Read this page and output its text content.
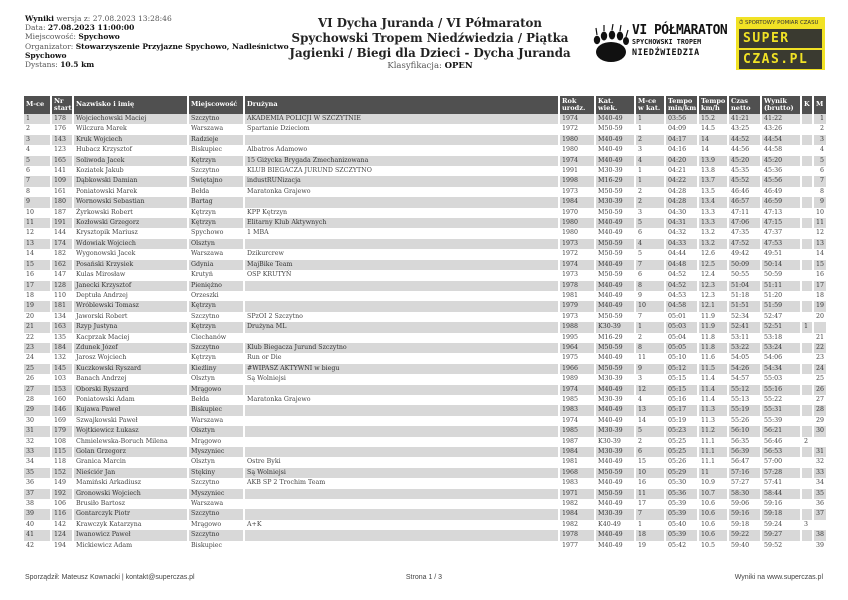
Wyniki wersja z: 27.08.2023 13:28:46
Data: 27.08.2023 11:00:00
Miejscowość: Spychowo
Organizator: Stowarzyszenie Przyjazne Spychowo, Nadleśnictwo Spychowo
Dystans: 10.5 km
VI Dycha Juranda / VI Półmaraton Spychowski Tropem Niedźwiedzia / Piątka Jagienki / Biegi dla Dzieci - Dycha Juranda
Klasyfikacja: OPEN
VI PÓŁMARATON
SPYCHOWSKI TROPEM
NIEDŹWIEDZIA
⏱ SPORTOWY POMIAR CZASU
SUPER
CZAS.PL
M-ce	Nr start.	Nazwisko i imię	Miejscowość	Drużyna	Rok urodz.	Kat. wiek.	M-ce w kat.	Tempo min/km	Tempo km/h	Czas netto	Wynik (brutto)	K	M
1	178	Wojciechowski Maciej	Szczytno	AKADEMIA POLICJI W SZCZYTNIE	1974	M40-49	1	03:56	15.2	41:21	41:22		1
2	176	Wilczura Marek	Warszawa	Spartanie Dzieciom	1972	M50-59	1	04:09	14.5	43:25	43:26		2
3	143	Kruk Wojciech	Radzieje		1980	M40-49	2	04:17	14	44:52	44:54		3
4	123	Hubacz Krzysztof	Biskupiec	Albatros Adamowo	1980	M40-49	3	04:16	14	44:56	44:58		4
5	165	Soliwoda Jacek	Kętrzyn	15 Giżycka Brygada Zmechanizowana	1974	M40-49	4	04:20	13.9	45:20	45:20		5
6	141	Koziatek Jakub	Szczytno	KLUB BIEGACZA JURUND SZCZYTNO	1991	M30-39	1	04:21	13.8	45:35	45:36		6
7	109	Dąbkowski Damian	Świętajno	industRUNizacja	1998	M16-29	1	04:22	13.7	45:52	45:56		7
8	161	Poniatowski Marek	Bełda	Maratonka Grajewo	1973	M50-59	2	04:28	13.5	46:46	46:49		8
9	180	Wornowski Sebastian	Bartag		1984	M30-39	2	04:28	13.4	46:57	46:59		9
10	187	Żyrkowski Robert	Kętrzyn	KPP Kętrzyn	1970	M50-59	3	04:30	13.3	47:11	47:13		10
11	191	Kozłowski Grzegorz	Kętrzyn	Elitarny Klub Aktywnych	1980	M40-49	5	04:31	13.3	47:06	47:15		11
12	144	Krysztopik Mariusz	Spychowo	1 MBA	1980	M40-49	6	04:32	13.2	47:35	47:37		12
13	174	Wdowiak Wojciech	Olsztyn		1973	M50-59	4	04:33	13.2	47:52	47:53		13
14	182	Wygonowski Jacek	Warszawa	Dzikurcrew	1972	M50-59	5	04:44	12.6	49:42	49:51		14
15	162	Posański Krzysiek	Gdynia	MajBike Team	1974	M40-49	7	04:48	12.5	50:09	50:14		15
16	147	Kulas Mirosław	Krutyń	OSP KRUTYŃ	1973	M50-59	6	04:52	12.4	50:55	50:59		16
17	128	Janecki Krzysztof	Pieniężno		1978	M40-49	8	04:52	12.3	51:04	51:11		17
18	110	Deptuła Andrzej	Orzeszki		1981	M40-49	9	04:53	12.3	51:18	51:20		18
19	181	Wróblewski Tomasz	Kętrzyn		1979	M40-49	10	04:58	12.1	51:51	51:59		19
20	134	Jaworski Robert	Szczytno	SPzOI 2 Szczytno	1973	M50-59	7	05:01	11.9	52:34	52:47		20
21	163	Rzyp Justyna	Kętrzyn	Drużyna ML	1988	K30-39	1	05:03	11.9	52:41	52:51	1	
22	135	Kacprzak Maciej	Ciechanów		1995	M16-29	2	05:04	11.8	53:11	53:18		21
23	184	Zdunek Józef	Szczytno	Klub Biegacza Jurund Szczytno	1964	M50-59	8	05:05	11.8	53:22	53:24		22
24	132	Jarosz Wojciech	Kętrzyn	Run or Die	1975	M40-49	11	05:10	11.6	54:05	54:06		23
25	145	Kuczkowski Ryszard	Kieźliny	#WIPASZ AKTYWNI w biegu	1966	M50-59	9	05:12	11.5	54:26	54:34		24
26	103	Banach Andrzej	Olsztyn	Są Wolniejsi	1989	M30-39	3	05:15	11.4	54:57	55:03		25
27	153	Oborski Ryszard	Mrągowo		1974	M40-49	12	05:15	11.4	55:12	55:16		26
28	160	Poniatowski Adam	Bełda	Maratonka Grajewo	1985	M30-39	4	05:16	11.4	55:13	55:22		27
29	146	Kujawa Paweł	Biskupiec		1983	M40-49	13	05:17	11.3	55:19	55:31		28
30	169	Szwajkowski Paweł	Warszawa		1974	M40-49	14	05:19	11.3	55:26	55:39		29
31	179	Wojtkiewicz Łukasz	Olsztyn		1985	M30-39	5	05:23	11.2	56:10	56:21		30
32	108	Chmielewska-Boruch Milena	Mrągowo		1987	K30-39	2	05:25	11.1	56:35	56:46	2	
33	115	Golan Grzegorz	Myszyniec		1984	M30-39	6	05:25	11.1	56:39	56:53		31
34	118	Granica Marcin	Olsztyn	Ostre Byki	1981	M40-49	15	05:26	11.1	56:47	57:00		32
35	152	Nieściór Jan	Stękiny	Są Wolniejsi	1968	M50-59	10	05:29	11	57:16	57:28		33
36	149	Mamiński Arkadiusz	Szczytno	AKB SP 2 Trochim Team	1983	M40-49	16	05:30	10.9	57:27	57:41		34
37	192	Gronowski Wojciech	Myszyniec		1971	M50-59	11	05:36	10.7	58:30	58:44		35
38	106	Brusiło Bartosz	Warszawa		1982	M40-49	17	05:39	10.6	59:06	59:16		36
39	116	Gontarczyk Piotr	Szczytno		1984	M30-39	7	05:39	10.6	59:16	59:18		37
40	142	Krawczyk Katarzyna	Mrągowo	A+K	1982	K40-49	1	05:40	10.6	59:18	59:24	3	
41	124	Iwanowicz Paweł	Szczytno		1978	M40-49	18	05:39	10.6	59:22	59:27		38
42	194	Mickiewicz Adam	Biskupiec		1977	M40-49	19	05:42	10.5	59:40	59:52		39
Sporządził: Mateusz Kownacki | kontakt@superczas.pl	Strona 1 / 3	Wyniki na www.superczas.pl
